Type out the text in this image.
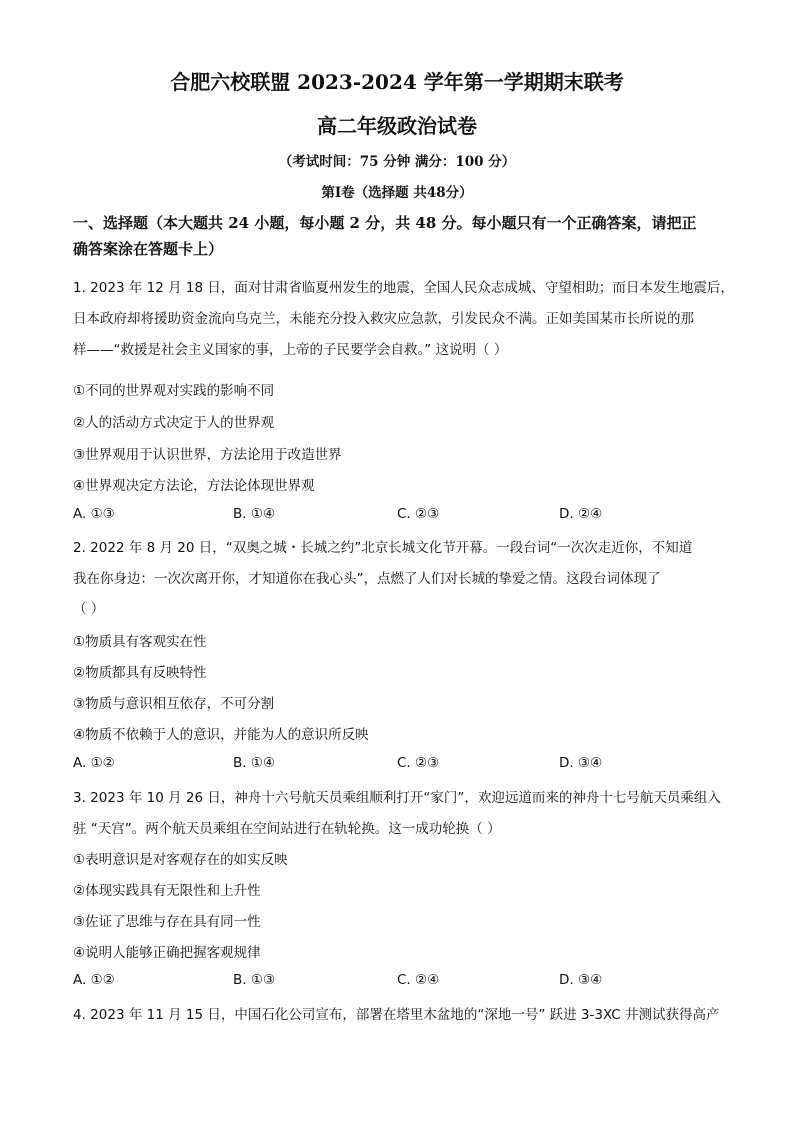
合肥六校联盟 2023-2024 学年第一学期期末联考
高二年级政治试卷
（考试时间：75 分钟 满分：100 分）
第Ⅰ卷（选择题 共48分）
一、选择题（本大题共 24 小题，每小题 2 分，共 48 分。每小题只有一个正确答案，请把正
确答案涂在答题卡上）
1. 2023 年 12 月 18 日，面对甘肃省临夏州发生的地震，全国人民众志成城、守望相助；而日本发生地震后，
日本政府却将援助资金流向乌克兰，未能充分投入救灾应急款，引发民众不满。正如美国某市长所说的那
样——“救援是社会主义国家的事，上帝的子民要学会自救。” 这说明（ ）
①不同的世界观对实践的影响不同
②人的活动方式决定于人的世界观
③世界观用于认识世界，方法论用于改造世界
④世界观决定方法论，方法论体现世界观
A. ①③	B. ①④	C. ②③	D. ②④
2. 2022 年 8 月 20 日，“双奥之城・长城之约”北京长城文化节开幕。一段台词“一次次走近你，不知道
我在你身边：一次次离开你，才知道你在我心头”，点燃了人们对长城的挚爱之情。这段台词体现了
（ ）
①物质具有客观实在性
②物质都具有反映特性
③物质与意识相互依存，不可分割
④物质不依赖于人的意识，并能为人的意识所反映
A. ①②	B. ①④	C. ②③	D. ③④
3. 2023 年 10 月 26 日，神舟十六号航天员乘组顺利打开“家门”，欢迎远道而来的神舟十七号航天员乘组入
驻 “天宫”。两个航天员乘组在空间站进行在轨轮换。这一成功轮换（ ）
①表明意识是对客观存在的如实反映
②体现实践具有无限性和上升性
③佐证了思维与存在具有同一性
④说明人能够正确把握客观规律
A. ①②	B. ①③	C. ②④	D. ③④
4. 2023 年 11 月 15 日，中国石化公司宣布，部署在塔里木盆地的“深地一号” 跃进 3-3XC 井测试获得高产
